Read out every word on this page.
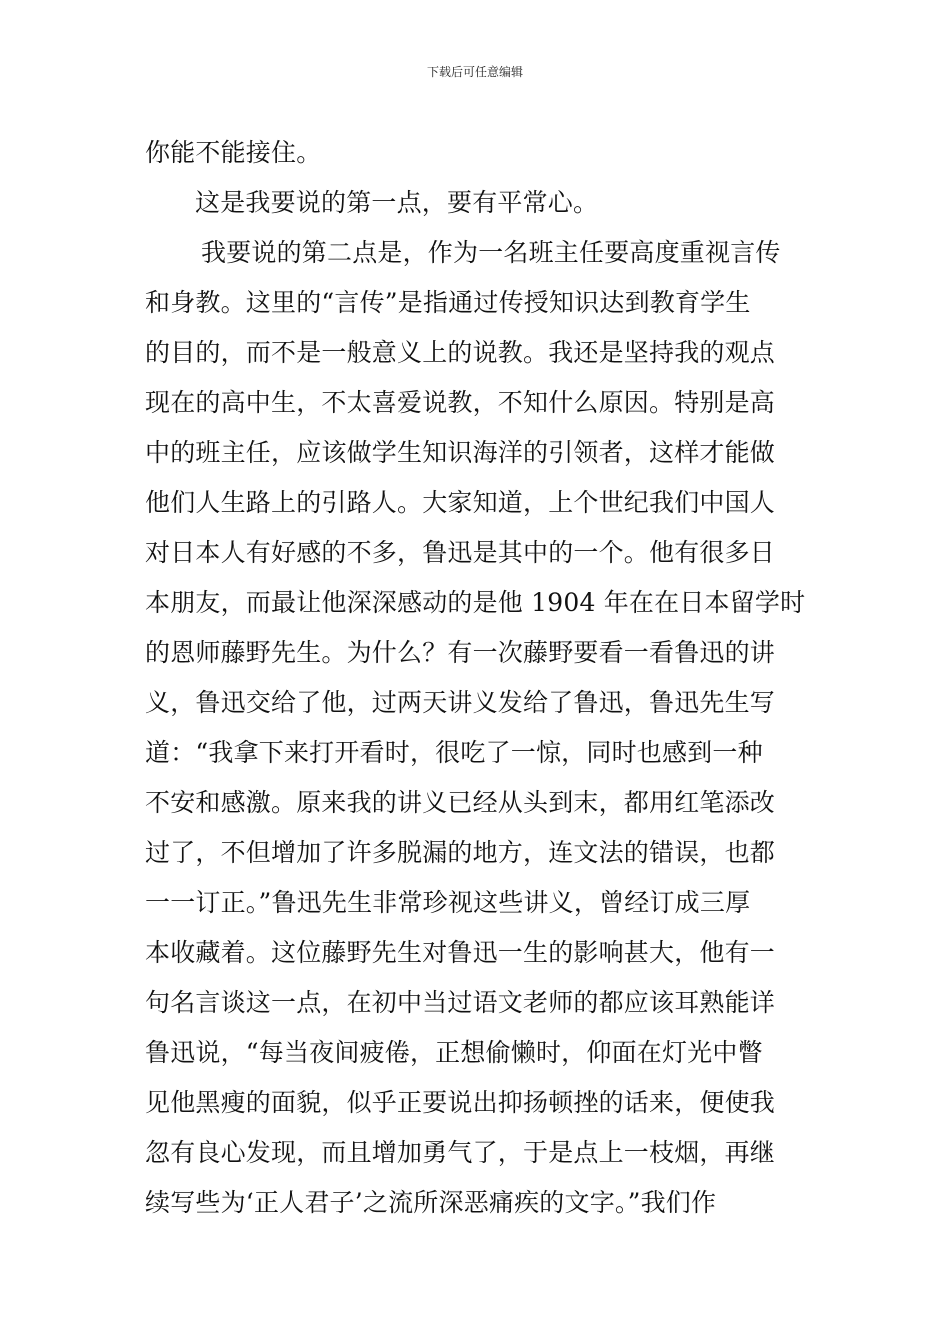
下载后可任意编辑
你能不能接住。
这是我要说的第一点，要有平常心。
我要说的第二点是，作为一名班主任要高度重视言传
和身教。这里的“言传”是指通过传授知识达到教育学生
的目的，而不是一般意义上的说教。我还是坚持我的观点
现在的高中生，不太喜爱说教，不知什么原因。特别是高
中的班主任，应该做学生知识海洋的引领者，这样才能做
他们人生路上的引路人。大家知道，上个世纪我们中国人
对日本人有好感的不多，鲁迅是其中的一个。他有很多日
本朋友，而最让他深深感动的是他 1904 年在在日本留学时
的恩师藤野先生。为什么？有一次藤野要看一看鲁迅的讲
义，鲁迅交给了他，过两天讲义发给了鲁迅，鲁迅先生写
道：“我拿下来打开看时，很吃了一惊，同时也感到一种
不安和感激。原来我的讲义已经从头到末，都用红笔添改
过了，不但增加了许多脱漏的地方，连文法的错误，也都
一一订正。”鲁迅先生非常珍视这些讲义，曾经订成三厚
本收藏着。这位藤野先生对鲁迅一生的影响甚大，他有一
句名言谈这一点，在初中当过语文老师的都应该耳熟能详
鲁迅说，“每当夜间疲倦，正想偷懒时，仰面在灯光中瞥
见他黑瘦的面貌，似乎正要说出抑扬顿挫的话来，便使我
忽有良心发现，而且增加勇气了，于是点上一枝烟，再继
续写些为‘正人君子’之流所深恶痛疾的文字。”我们作
